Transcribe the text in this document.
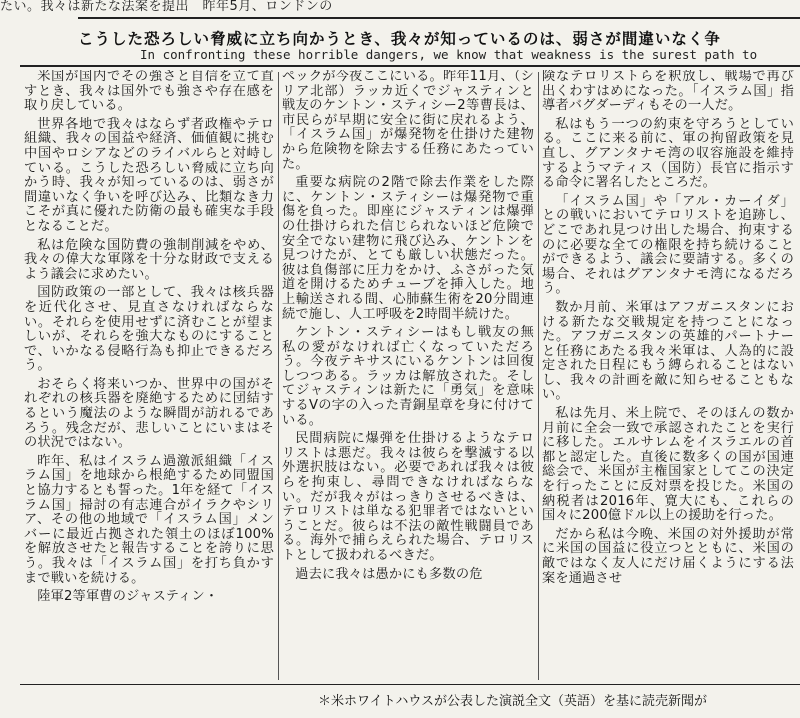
たい。我々は新たな法案を提出　 昨年5月、ロンドンの
こうした恐ろしい脅威に立ち向かうとき、我々が知っているのは、弱さが間違いなく争
In confronting these horrible dangers, we know that weakness is the surest path to

米国が国内でその強さと自信を立て直すとき、我々は国外でも強さや存在感を取り戻している。

世界各地で我々はならず者政権やテロ組織、我々の国益や経済、価値観に挑む中国やロシアなどのライバルらと対峙している。こうした恐ろしい脅威に立ち向かう時、我々が知っているのは、弱さが間違いなく争いを呼び込み、比類なき力こそが真に優れた防衛の最も確実な手段となることだ。

私は危険な国防費の強制削減をやめ、我々の偉大な軍隊を十分な財政で支えるよう議会に求めたい。

国防政策の一部として、我々は核兵器を近代化させ、見直さなければならない。それらを使用せずに済むことが望ましいが、それらを強大なものにすることで、いかなる侵略行為も抑止できるだろう。

おそらく将来いつか、世界中の国がそれぞれの核兵器を廃絶するために団結するという魔法のような瞬間が訪れるであろう。残念だが、悲しいことにいまはその状況ではない。

昨年、私はイスラム過激派組織「イスラム国」を地球から根絶するため同盟国と協力するとも誓った。1年を経て「イスラム国」掃討の有志連合がイラクやシリア、その他の地域で「イスラム国」メンバーに最近占拠された領土のほぼ100%を解放させたと報告することを誇りに思う。我々は「イスラム国」を打ち負かすまで戦いを続ける。

陸軍2等軍曹のジャスティン・

ペックが今夜ここにいる。昨年11月、（シリア北部）ラッカ近くでジャスティンと戦友のケントン・スティシー2等曹長は、市民らが早期に安全に街に戻れるよう、「イスラム国」が爆発物を仕掛けた建物から危険物を除去する任務にあたっていた。

重要な病院の2階で除去作業をした際に、ケントン・スティシーは爆発物で重傷を負った。即座にジャスティンは爆弾の仕掛けられた信じられないほど危険で安全でない建物に飛び込み、ケントンを見つけたが、とても厳しい状態だった。彼は負傷部に圧力をかけ、ふさがった気道を開けるためチューブを挿入した。地上輸送される間、心肺蘇生術を20分間連続で施し、人工呼吸を2時間半続けた。

ケントン・スティシーはもし戦友の無私の愛がなければ亡くなっていただろう。今夜テキサスにいるケントンは回復しつつある。ラッカは解放された。そしてジャスティンは新たに「勇気」を意味するVの字の入った青銅星章を身に付けている。

民間病院に爆弾を仕掛けるようなテロリストは悪だ。我々は彼らを撃滅する以外選択肢はない。必要であれば我々は彼らを拘束し、尋問できなければならない。だが我々がはっきりさせるべきは、テロリストは単なる犯罪者ではないということだ。彼らは不法の敵性戦闘員である。海外で捕らえられた場合、テロリストとして扱われるべきだ。

過去に我々は愚かにも多数の危

険なテロリストらを釈放し、戦場で再び出くわすはめになった。「イスラム国」指導者バグダーディもその一人だ。

私はもう一つの約束を守ろうとしている。ここに来る前に、軍の拘留政策を見直し、グアンタナモ湾の収容施設を維持するようマティス（国防）長官に指示する命令に署名したところだ。

「イスラム国」や「アル・カーイダ」との戦いにおいてテロリストを追跡し、どこであれ見つけ出した場合、拘束するのに必要な全ての権限を持ち続けることができるよう、議会に要請する。多くの場合、それはグアンタナモ湾になるだろう。

数か月前、米軍はアフガニスタンにおける新たな交戦規定を持つことになった。アフガニスタンの英雄的パートナーと任務にあたる我々米軍は、人為的に設定された日程にもう縛られることはないし、我々の計画を敵に知らせることもない。

私は先月、米上院で、そのほんの数か月前に全会一致で承認されたことを実行に移した。エルサレムをイスラエルの首都と認定した。直後に数多くの国が国連総会で、米国が主権国家としてこの決定を行ったことに反対票を投じた。米国の納税者は2016年、寛大にも、これらの国々に200億ドル以上の援助を行った。

だから私は今晩、米国の対外援助が常に米国の国益に役立つとともに、米国の敵ではなく友人にだけ届くようにする法案を通過させ

＊米ホワイトハウスが公表した演説全文（英語）を基に読売新聞が
